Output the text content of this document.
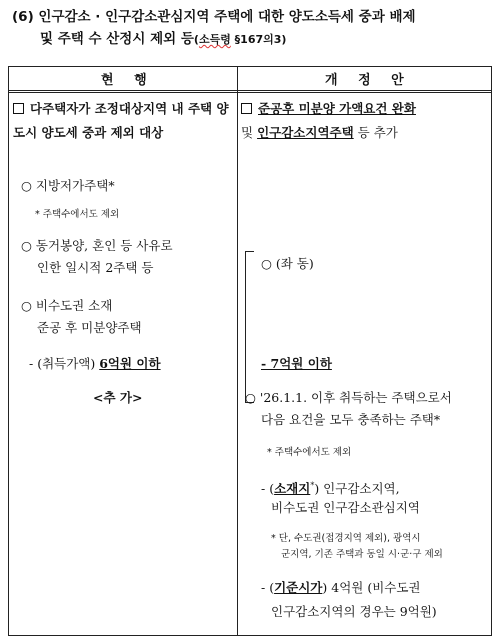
(6) 인구감소 · 인구감소관심지역 주택에 대한 양도소득세 중과 배제
및 주택 수 산정시 제외 등(소득령 §167의3)
현 행	개 정 안
다주택자가 조정대상지역 내 주택 양도시 양도세 중과 제외 대상
○ 지방저가주택*
* 주택수에서도 제외
○ 동거봉양, 혼인 등 사유로
인한 일시적 2주택 등
○ 비수도권 소재
준공 후 미분양주택
- (취득가액) 6억원 이하
<추 가>
준공후 미분양 가액요건 완화
및 인구감소지역주택 등 추가
○ (좌 동)
- 7억원 이하
○ '26.1.1. 이후 취득하는 주택으로서
다음 요건을 모두 충족하는 주택*
* 주택수에서도 제외
- (소재지*) 인구감소지역,
비수도권 인구감소관심지역
* 단, 수도권(접경지역 제외), 광역시
군지역, 기존 주택과 동일 시·군·구 제외
- (기준시가) 4억원 (비수도권
인구감소지역의 경우는 9억원)
